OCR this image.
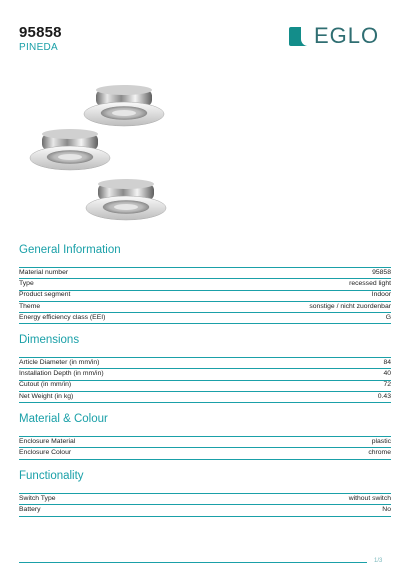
95858
PINEDA	EGLO
General Information
Material number	95858
Type	recessed light
Product segment	Indoor
Theme	sonstige / nicht zuordenbar
Energy efficiency class (EEI)	G
Dimensions
Article Diameter (in mm/in)	84
Installation Depth (in mm/in)	40
Cutout (in mm/in)	72
Net Weight (in kg)	0.43
Material & Colour
Enclosure Material	plastic
Enclosure Colour	chrome
Functionality
Switch Type	without switch
Battery	No
1/3
